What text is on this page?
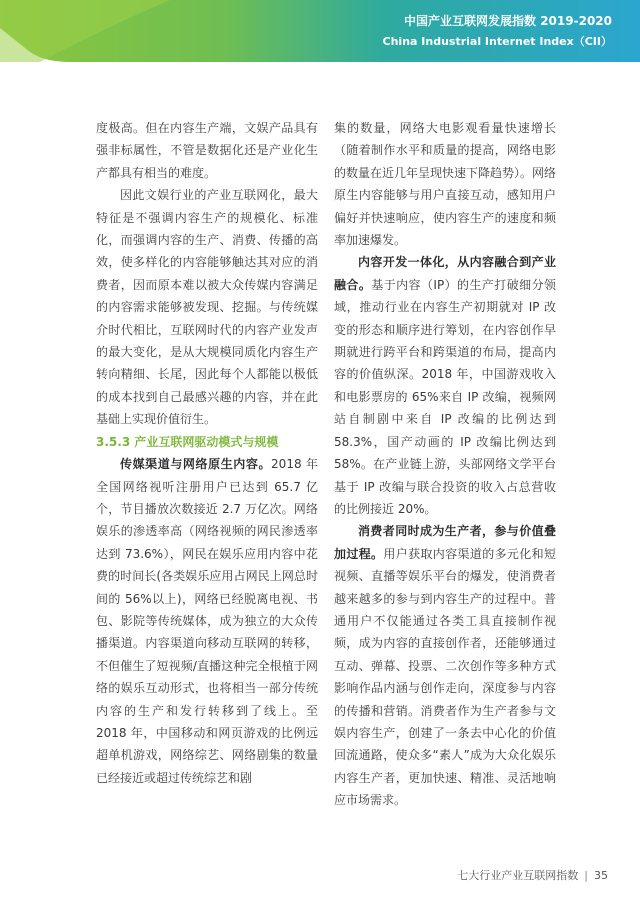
中国产业互联网发展指数 2019-2020
China Industrial Internet Index（CII）

度极高。但在内容生产端，文娱产品具有强非标属性，不管是数据化还是产业化生产都具有相当的难度。

因此文娱行业的产业互联网化，最大特征是不强调内容生产的规模化、标准化，而强调内容的生产、消费、传播的高效，使多样化的内容能够触达其对应的消费者，因而原本难以被大众传媒内容满足的内容需求能够被发现、挖掘。与传统媒介时代相比，互联网时代的内容产业发声的最大变化，是从大规模同质化内容生产转向精细、长尾，因此每个人都能以极低的成本找到自己最感兴趣的内容，并在此基础上实现价值衍生。

3.5.3 产业互联网驱动模式与规模

传媒渠道与网络原生内容。2018 年全国网络视听注册用户已达到 65.7 亿个，节目播放次数接近 2.7 万亿次。网络娱乐的渗透率高（网络视频的网民渗透率达到 73.6%），网民在娱乐应用内容中花费的时间长(各类娱乐应用占网民上网总时间的 56%以上)，网络已经脱离电视、书包、影院等传统媒体，成为独立的大众传播渠道。内容渠道向移动互联网的转移，不但催生了短视频/直播这种完全根植于网络的娱乐互动形式，也将相当一部分传统内容的生产和发行转移到了线上。至 2018 年，中国移动和网页游戏的比例远超单机游戏，网络综艺、网络剧集的数量已经接近或超过传统综艺和剧

集的数量，网络大电影观看量快速增长（随着制作水平和质量的提高，网络电影的数量在近几年呈现快速下降趋势）。网络原生内容能够与用户直接互动，感知用户偏好并快速响应，使内容生产的速度和频率加速爆发。

内容开发一体化，从内容融合到产业融合。基于内容（IP）的生产打破细分领域，推动行业在内容生产初期就对 IP 改变的形态和顺序进行筹划，在内容创作早期就进行跨平台和跨渠道的布局，提高内容的价值纵深。2018 年，中国游戏收入和电影票房的 65%来自 IP 改编，视频网站自制剧中来自 IP 改编的比例达到 58.3%，国产动画的 IP 改编比例达到 58%。在产业链上游，头部网络文学平台基于 IP 改编与联合投资的收入占总营收的比例接近 20%。

消费者同时成为生产者，参与价值叠加过程。用户获取内容渠道的多元化和短视频、直播等娱乐平台的爆发，使消费者越来越多的参与到内容生产的过程中。普通用户不仅能通过各类工具直接制作视频，成为内容的直接创作者，还能够通过互动、弹幕、投票、二次创作等多种方式影响作品内涵与创作走向，深度参与内容的传播和营销。消费者作为生产者参与文娱内容生产，创建了一条去中心化的价值回流通路，使众多“素人”成为大众化娱乐内容生产者，更加快速、精准、灵活地响应市场需求。

七大行业产业互联网指数 | 35
